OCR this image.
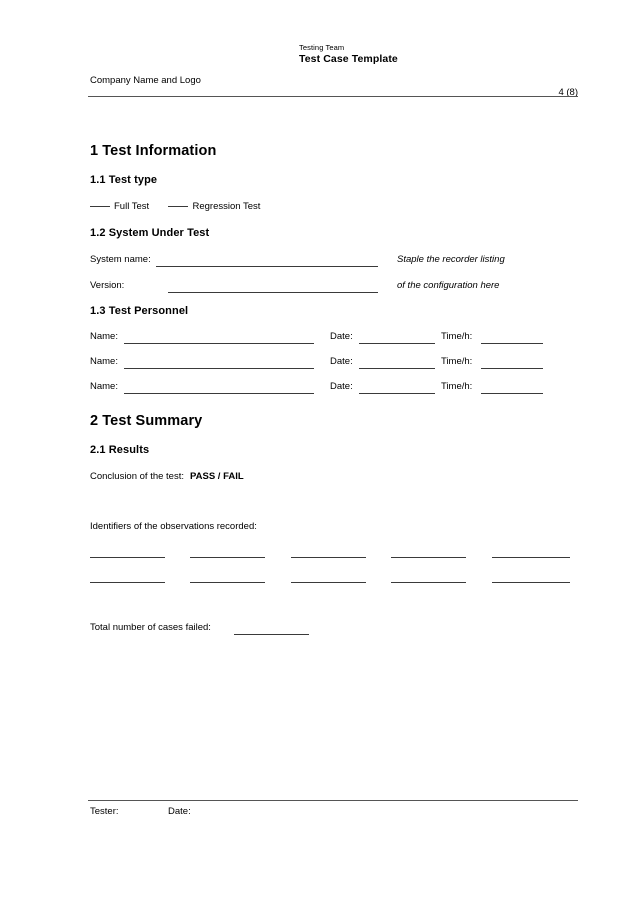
Testing Team
Test Case Template
Company Name and Logo
4 (8)
1 Test Information
1.1 Test type
Full Test	Regression Test
1.2 System Under Test
System name:
Version:
Staple the recorder listing
of the configuration here
1.3 Test Personnel
Name:	Date:	Time/h:
Name:	Date:	Time/h:
Name:	Date:	Time/h:
2 Test Summary
2.1 Results
Conclusion of the test: PASS / FAIL
Identifiers of the observations recorded:
Total number of cases failed:
Tester:	Date:
